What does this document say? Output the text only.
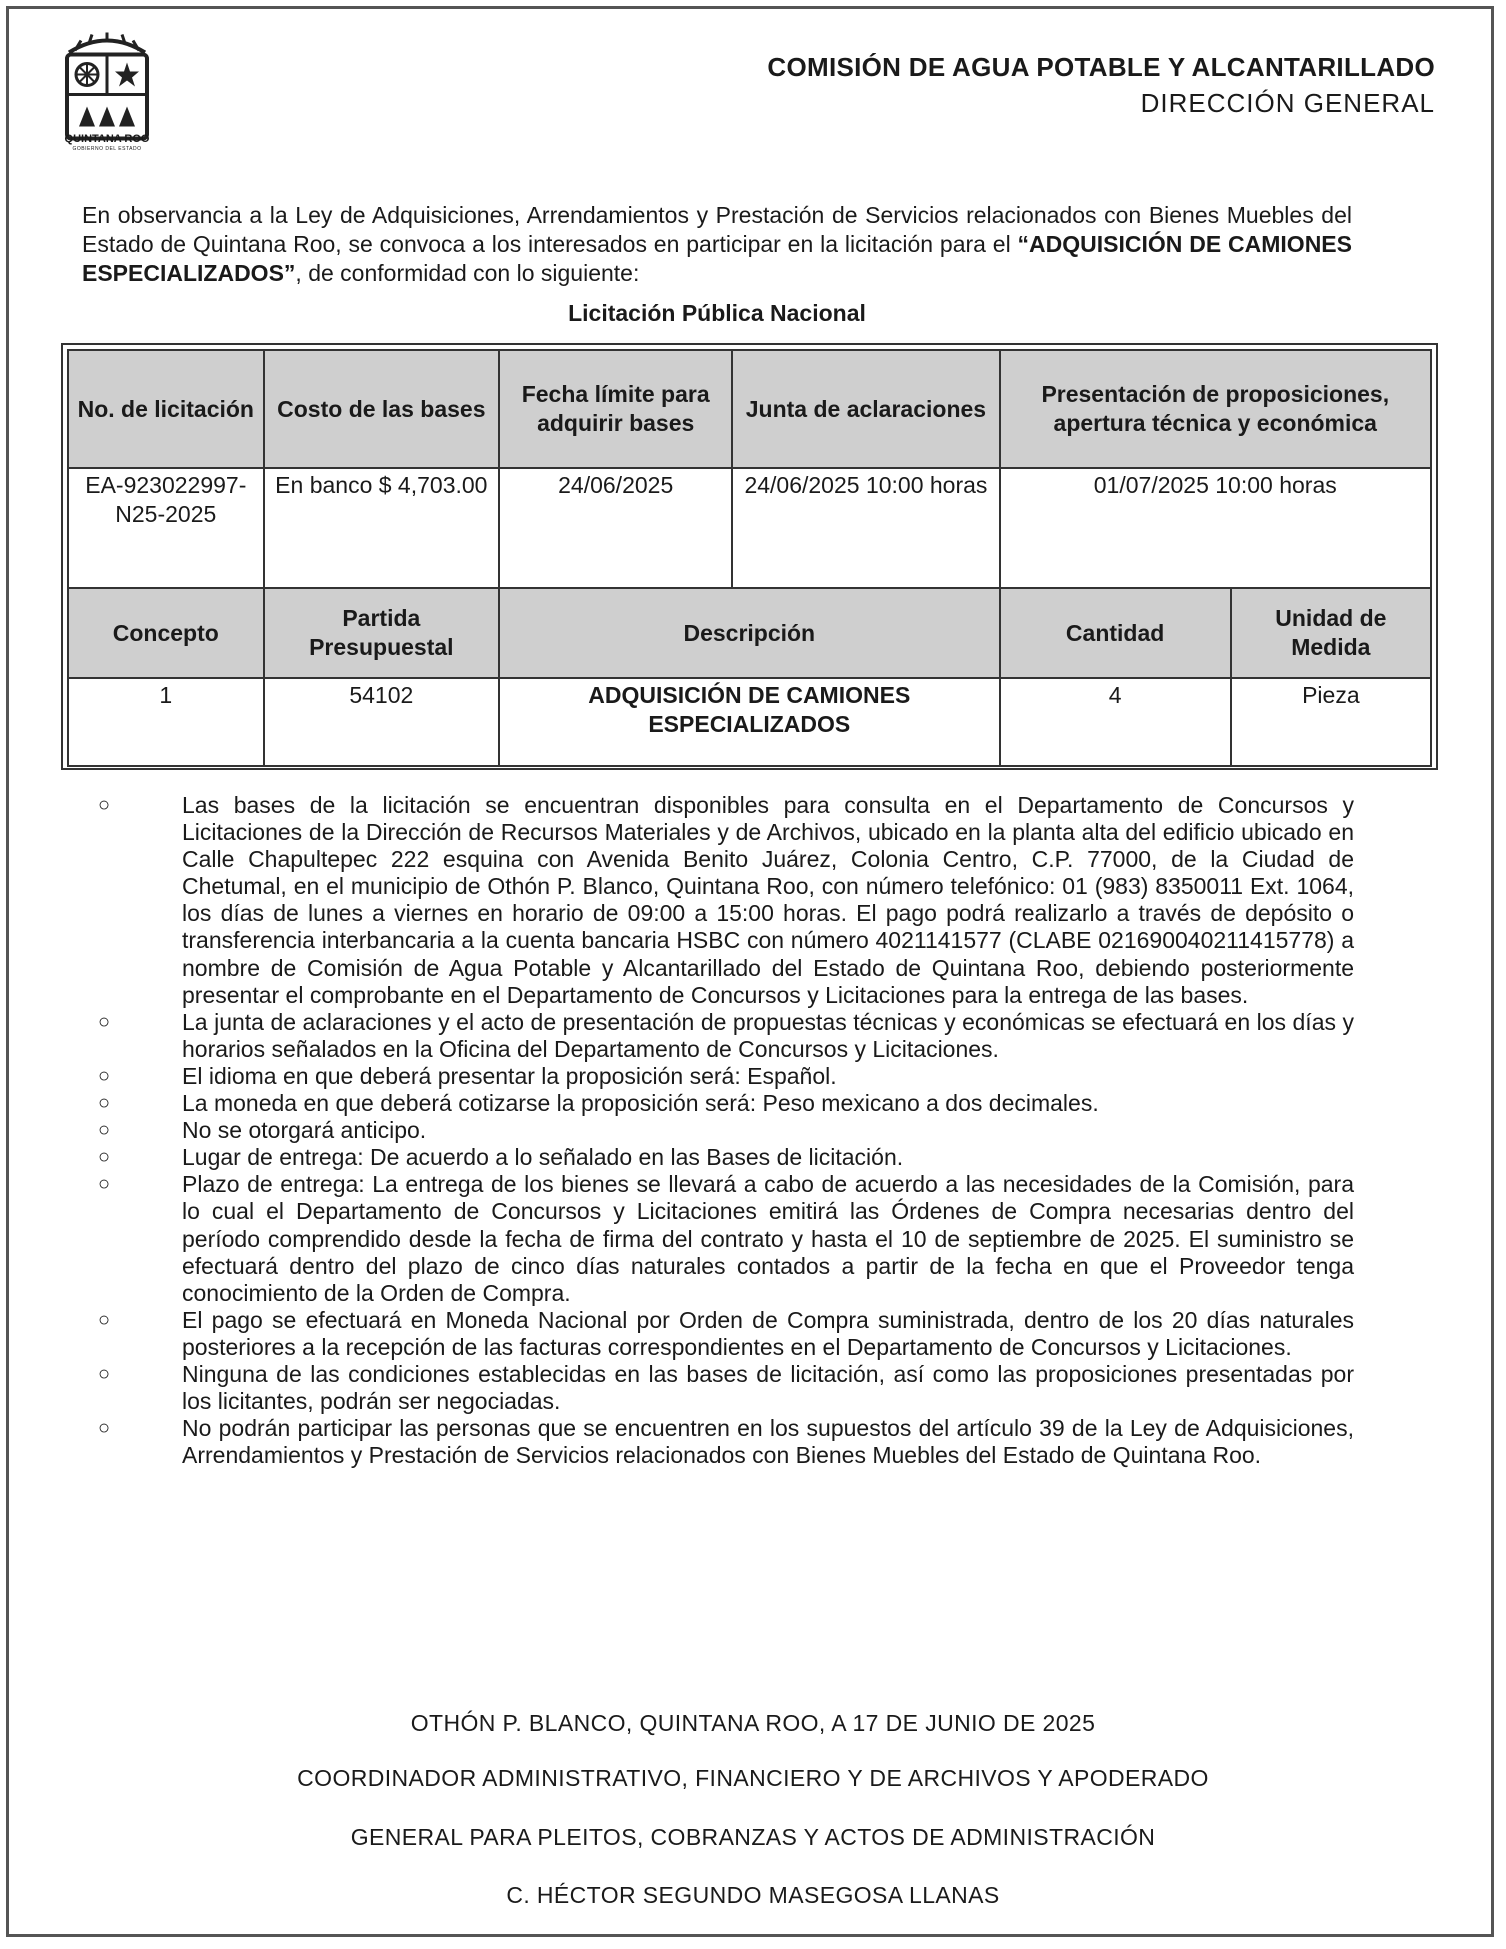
QUINTANA ROO
GOBIERNO DEL ESTADO
COMISIÓN DE AGUA POTABLE Y ALCANTARILLADO
DIRECCIÓN GENERAL

En observancia a la Ley de Adquisiciones, Arrendamientos y Prestación de Servicios relacionados con Bienes Muebles del Estado de Quintana Roo, se convoca a los interesados en participar en la licitación para el “ADQUISICIÓN DE CAMIONES ESPECIALIZADOS”, de conformidad con lo siguiente:

Licitación Pública Nacional
No. de licitación	Costo de las bases	Fecha límite para adquirir bases	Junta de aclaraciones	Presentación de proposiciones, apertura técnica y económica	
EA-923022997-N25-2025	En banco $ 4,703.00	24/06/2025	24/06/2025 10:00 horas	01/07/2025 10:00 horas	
Concepto	Partida Presupuestal	Descripción		Cantidad	Unidad de Medida
1	54102	ADQUISICIÓN DE CAMIONES ESPECIALIZADOS		4	Pieza
○	Las bases de la licitación se encuentran disponibles para consulta en el Departamento de Concursos y Licitaciones de la Dirección de Recursos Materiales y de Archivos, ubicado en la planta alta del edificio ubicado en Calle Chapultepec 222 esquina con Avenida Benito Juárez, Colonia Centro, C.P. 77000, de la Ciudad de Chetumal, en el municipio de Othón P. Blanco, Quintana Roo, con número telefónico: 01 (983) 8350011 Ext. 1064, los días de lunes a viernes en horario de 09:00 a 15:00 horas. El pago podrá realizarlo a través de depósito o transferencia interbancaria a la cuenta bancaria HSBC con número 4021141577 (CLABE 021690040211415778) a nombre de Comisión de Agua Potable y Alcantarillado del Estado de Quintana Roo, debiendo posteriormente presentar el comprobante en el Departamento de Concursos y Licitaciones para la entrega de las bases.
○	La junta de aclaraciones y el acto de presentación de propuestas técnicas y económicas se efectuará en los días y horarios señalados en la Oficina del Departamento de Concursos y Licitaciones.
○	El idioma en que deberá presentar la proposición será: Español.
○	La moneda en que deberá cotizarse la proposición será: Peso mexicano a dos decimales.
○	No se otorgará anticipo.
○	Lugar de entrega: De acuerdo a lo señalado en las Bases de licitación.
○	Plazo de entrega: La entrega de los bienes se llevará a cabo de acuerdo a las necesidades de la Comisión, para lo cual el Departamento de Concursos y Licitaciones emitirá las Órdenes de Compra necesarias dentro del período comprendido desde la fecha de firma del contrato y hasta el 10 de septiembre de 2025. El suministro se efectuará dentro del plazo de cinco días naturales contados a partir de la fecha en que el Proveedor tenga conocimiento de la Orden de Compra.
○	El pago se efectuará en Moneda Nacional por Orden de Compra suministrada, dentro de los 20 días naturales posteriores a la recepción de las facturas correspondientes en el Departamento de Concursos y Licitaciones.
○	Ninguna de las condiciones establecidas en las bases de licitación, así como las proposiciones presentadas por los licitantes, podrán ser negociadas.
○	No podrán participar las personas que se encuentren en los supuestos del artículo 39 de la Ley de Adquisiciones, Arrendamientos y Prestación de Servicios relacionados con Bienes Muebles del Estado de Quintana Roo.
OTHÓN P. BLANCO, QUINTANA ROO, A 17 DE JUNIO DE 2025
COORDINADOR ADMINISTRATIVO, FINANCIERO Y DE ARCHIVOS Y APODERADO
GENERAL PARA PLEITOS, COBRANZAS Y ACTOS DE ADMINISTRACIÓN
C. HÉCTOR SEGUNDO MASEGOSA LLANAS
